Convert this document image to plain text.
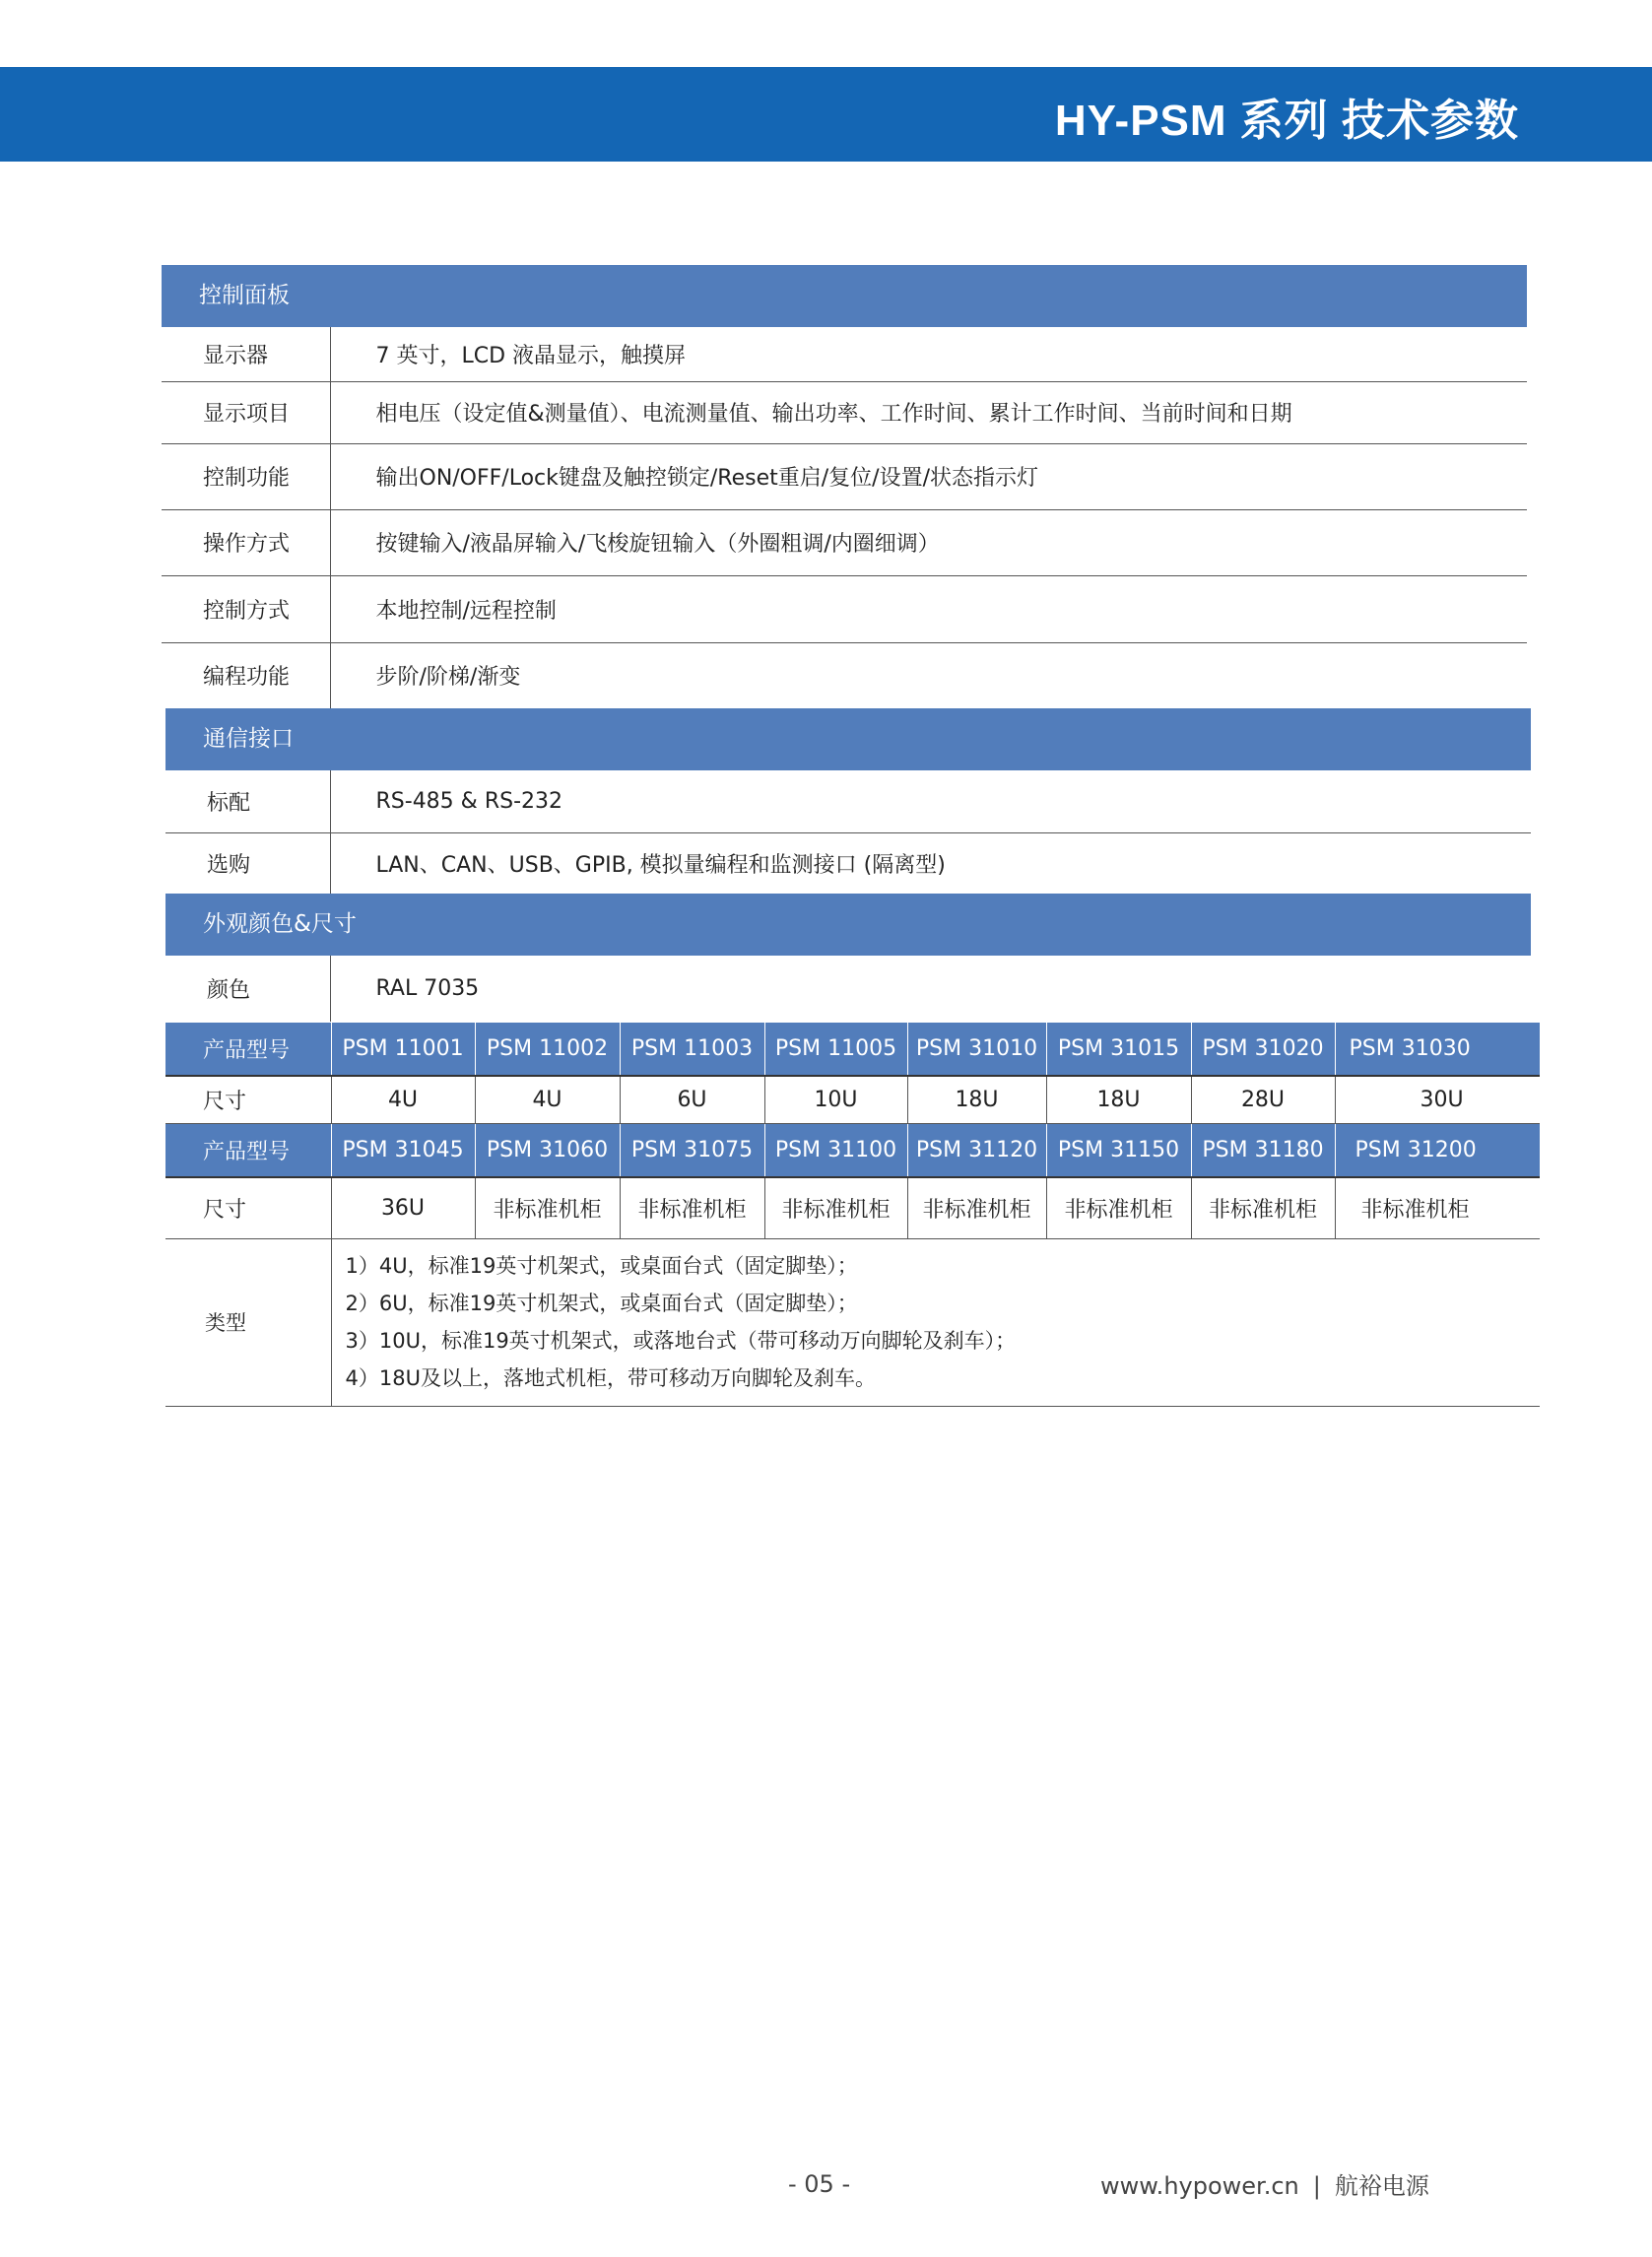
HY-PSM 系列 技术参数
控制面板
显示器	7 英寸，LCD 液晶显示，触摸屏
显示项目	相电压（设定值&测量值）、电流测量值、输出功率、工作时间、累计工作时间、当前时间和日期
控制功能	输出ON/OFF/Lock键盘及触控锁定/Reset重启/复位/设置/状态指示灯
操作方式	按键输入/液晶屏输入/飞梭旋钮输入（外圈粗调/内圈细调）
控制方式	本地控制/远程控制
编程功能	步阶/阶梯/渐变
通信接口
标配	RS-485 & RS-232
选购	LAN、CAN、USB、GPIB, 模拟量编程和监测接口 (隔离型)
外观颜色&尺寸
颜色	RAL 7035
产品型号	PSM 11001	PSM 11002	PSM 11003	PSM 11005	PSM 31010	PSM 31015	PSM 31020	PSM 31030
尺寸	4U	4U	6U	10U	18U	18U	28U	30U
产品型号	PSM 31045	PSM 31060	PSM 31075	PSM 31100	PSM 31120	PSM 31150	PSM 31180	PSM 31200
尺寸	36U	非标准机柜	非标准机柜	非标准机柜	非标准机柜	非标准机柜	非标准机柜	非标准机柜
类型	
1）4U，标准19英寸机架式，或桌面台式（固定脚垫）；
2）6U，标准19英寸机架式，或桌面台式（固定脚垫）；
3）10U，标准19英寸机架式，或落地台式（带可移动万向脚轮及刹车）；
4）18U及以上，落地式机柜，带可移动万向脚轮及刹车。
- 05 -	www.hypower.cn | 航裕电源
